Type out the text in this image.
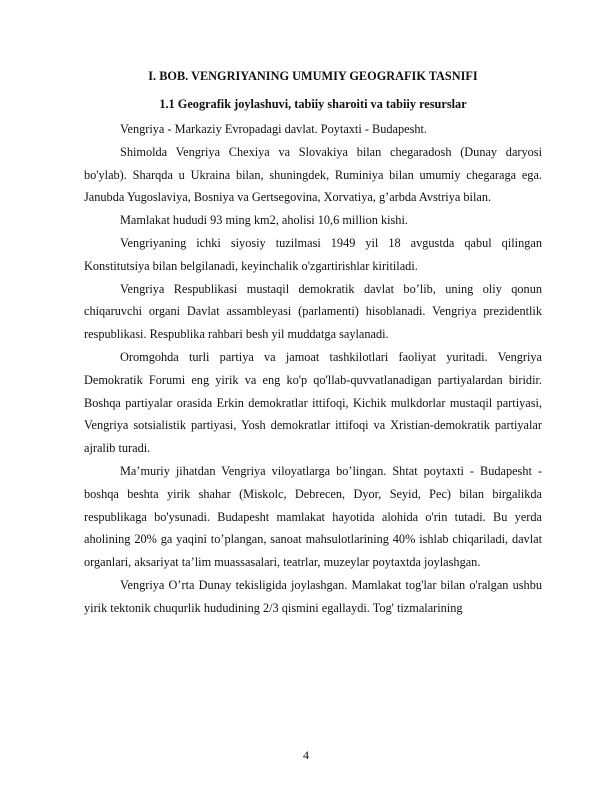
I. BOB. VENGRIYANING UMUMIY GEOGRAFIK TASNIFI
1.1 Geografik joylashuvi, tabiiy sharoiti va tabiiy resurslar

Vengriya - Markaziy Evropadagi davlat. Poytaxti - Budapesht.

Shimolda Vengriya Chexiya va Slovakiya bilan chegaradosh (Dunay daryosi bo'ylab). Sharqda u Ukraina bilan, shuningdek, Ruminiya bilan umumiy chegaraga ega. Janubda Yugoslaviya, Bosniya va Gertsegovina, Xorvatiya, g’arbda Avstriya bilan.

Mamlakat hududi 93 ming km2, aholisi 10,6 million kishi.

Vengriyaning ichki siyosiy tuzilmasi 1949 yil 18 avgustda qabul qilingan Konstitutsiya bilan belgilanadi, keyinchalik o'zgartirishlar kiritiladi.

Vengriya Respublikasi mustaqil demokratik davlat bo’lib, uning oliy qonun chiqaruvchi organi Davlat assambleyasi (parlamenti) hisoblanadi. Vengriya prezidentlik respublikasi. Respublika rahbari besh yil muddatga saylanadi.

Oromgohda turli partiya va jamoat tashkilotlari faoliyat yuritadi. Vengriya Demokratik Forumi eng yirik va eng ko'p qo'llab-quvvatlanadigan partiyalardan biridir. Boshqa partiyalar orasida Erkin demokratlar ittifoqi, Kichik mulkdorlar mustaqil partiyasi, Vengriya sotsialistik partiyasi, Yosh demokratlar ittifoqi va Xristian-demokratik partiyalar ajralib turadi.

Ma’muriy jihatdan Vengriya viloyatlarga bo’lingan. Shtat poytaxti - Budapesht - boshqa beshta yirik shahar (Miskolc, Debrecen, Dyor, Seyid, Pec) bilan birgalikda respublikaga bo'ysunadi. Budapesht mamlakat hayotida alohida o'rin tutadi. Bu yerda aholining 20% ga yaqini to’plangan, sanoat mahsulotlarining 40% ishlab chiqariladi, davlat organlari, aksariyat ta’lim muassasalari, teatrlar, muzeylar poytaxtda joylashgan.

Vengriya O’rta Dunay tekisligida joylashgan. Mamlakat tog'lar bilan o'ralgan ushbu yirik tektonik chuqurlik hududining 2/3 qismini egallaydi. Tog' tizmalarining

4
